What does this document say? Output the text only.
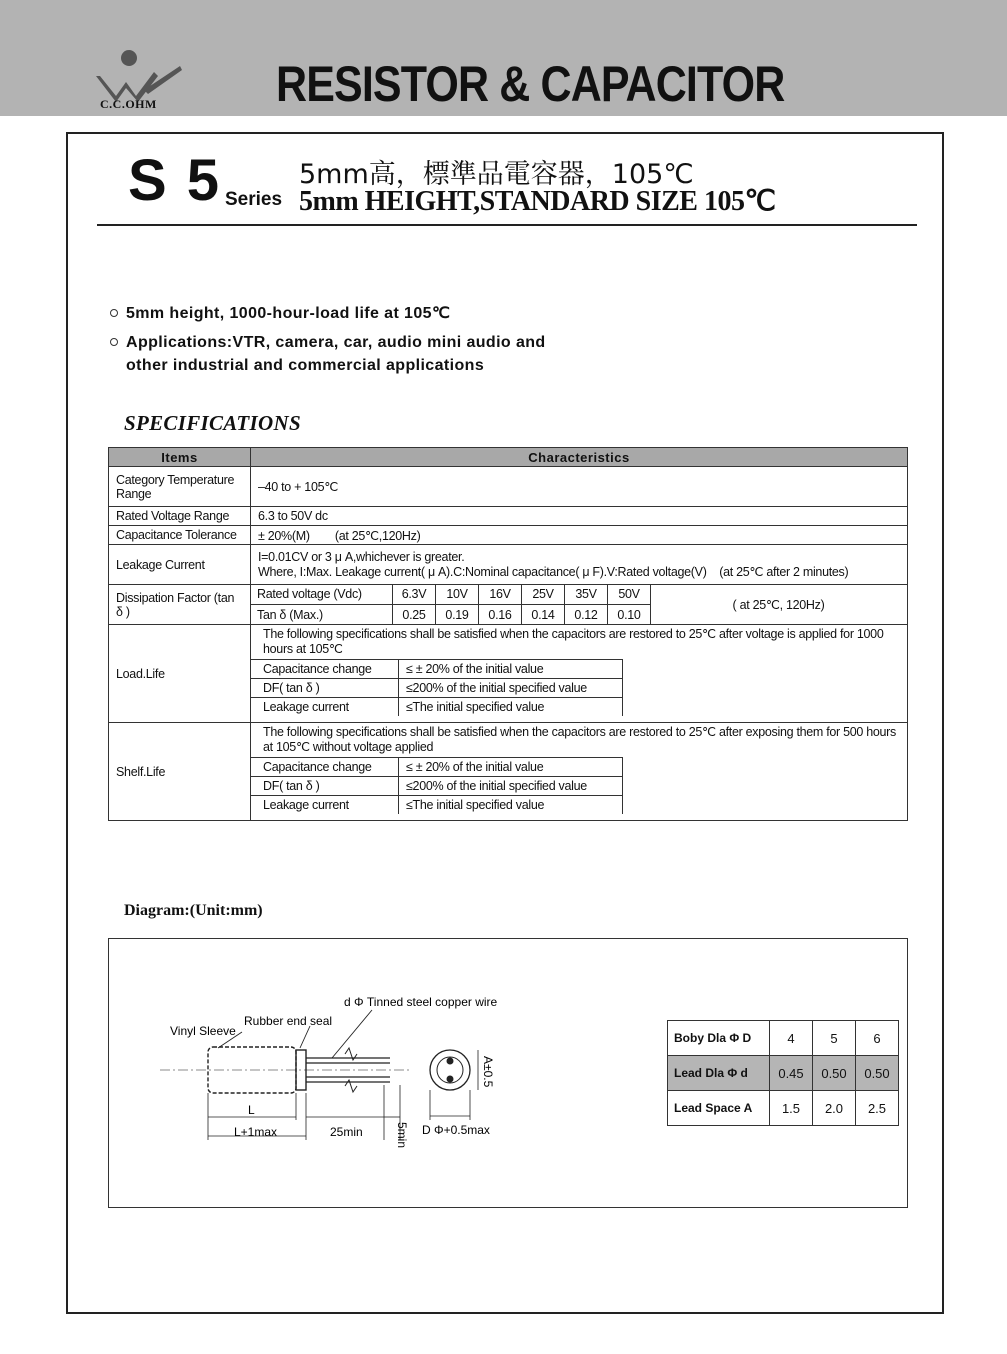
C.C.OHM RESISTOR & CAPACITOR
S 5 Series
5mm高，標準品電容器，105℃
5mm HEIGHT,STANDARD SIZE 105℃
5mm height, 1000-hour-load life at 105℃
Applications:VTR, camera, car, audio mini audio and other industrial and commercial applications
SPECIFICATIONS
Items	Characteristics
Category Temperature Range	–40 to + 105℃
Rated Voltage Range	6.3 to 50V dc
Capacitance Tolerance	± 20%(M) (at 25℃,120Hz)
Leakage Current	
I=0.01CV or 3 μ A,whichever is greater.
Where, I:Max. Leakage current( μ A).C:Nominal capacitance( μ F).V:Rated voltage(V)    (at 25℃ after 2 minutes)

Dissipation Factor (tan δ )	
Rated voltage (Vdc)	6.3V	10V	16V	25V	35V	50V	( at 25℃, 120Hz)
Tan δ (Max.)	0.25	0.19	0.16	0.14	0.12	0.10

Load.Life	
The following specifications shall be satisfied when the capacitors are restored to 25℃ after voltage is applied for 1000 hours at 105℃
Capacitance change	≤ ± 20% of the initial value
DF( tan δ )	≤200% of the initial specified value
Leakage current	≤The initial specified value

Shelf.Life	
The following specifications shall be satisfied when the capacitors are restored to 25℃ after exposing them for 500 hours at 105℃ without voltage applied
Capacitance change	≤ ± 20% of the initial value
DF( tan δ )	≤200% of the initial specified value
Leakage current	≤The initial specified value
Diagram:(Unit:mm)
L
L+1max	25min	5min
Vinyl Sleeve
Rubber end seal
d Φ Tinned steel copper wire
D Φ+0.5max
A±0.5
Boby Dla Φ D	4	5	6
Lead Dla Φ d	0.45	0.50	0.50
Lead Space A	1.5	2.0	2.5
